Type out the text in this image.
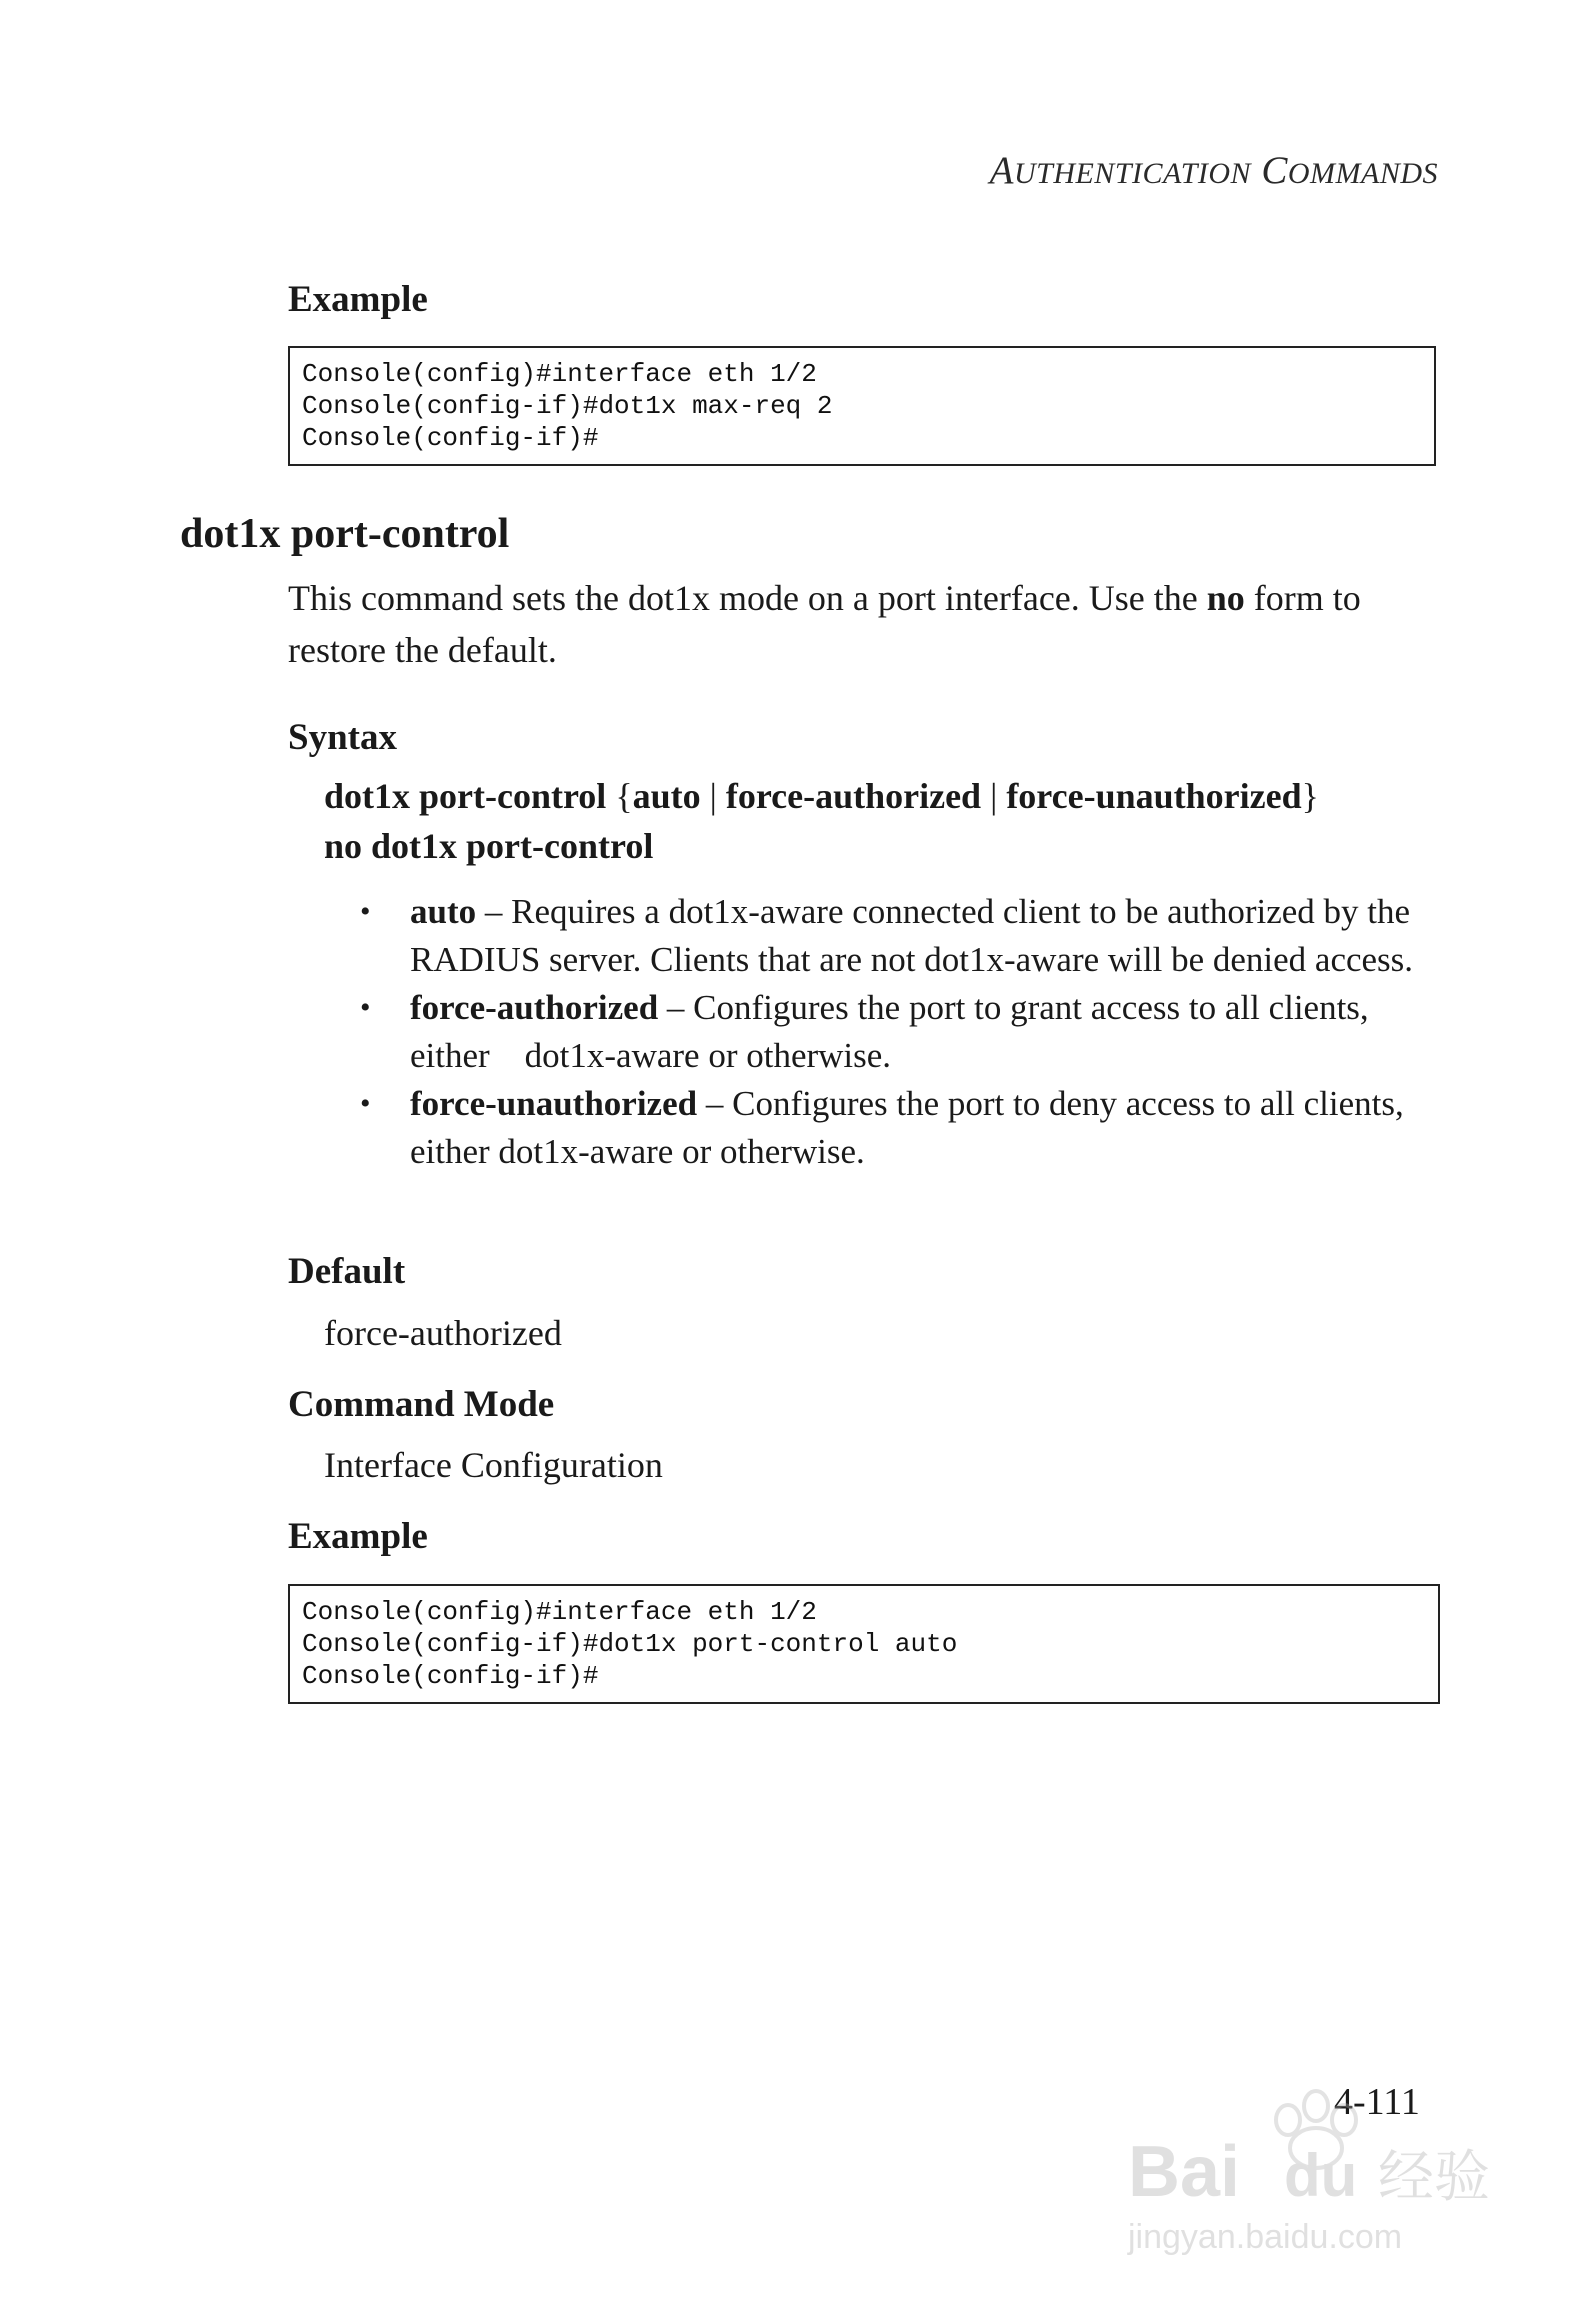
AUTHENTICATION COMMANDS
Example
Console(config)#interface eth 1/2
Console(config-if)#dot1x max-req 2
Console(config-if)#
dot1x port-control
This command sets the dot1x mode on a port interface. Use the no form to restore the default.
Syntax
dot1x port-control {auto | force-authorized | force-unauthorized}
no dot1x port-control
• auto – Requires a dot1x-aware connected client to be authorized by the RADIUS server. Clients that are not dot1x-aware will be denied access.
• force-authorized – Configures the port to grant access to all clients, either    dot1x-aware or otherwise.
• force-unauthorized – Configures the port to deny access to all clients, either dot1x-aware or otherwise.
Default
force-authorized
Command Mode
Interface Configuration
Example
Console(config)#interface eth 1/2
Console(config-if)#dot1x port-control auto
Console(config-if)#
4-111
Bai du 经验
jingyan.baidu.com
